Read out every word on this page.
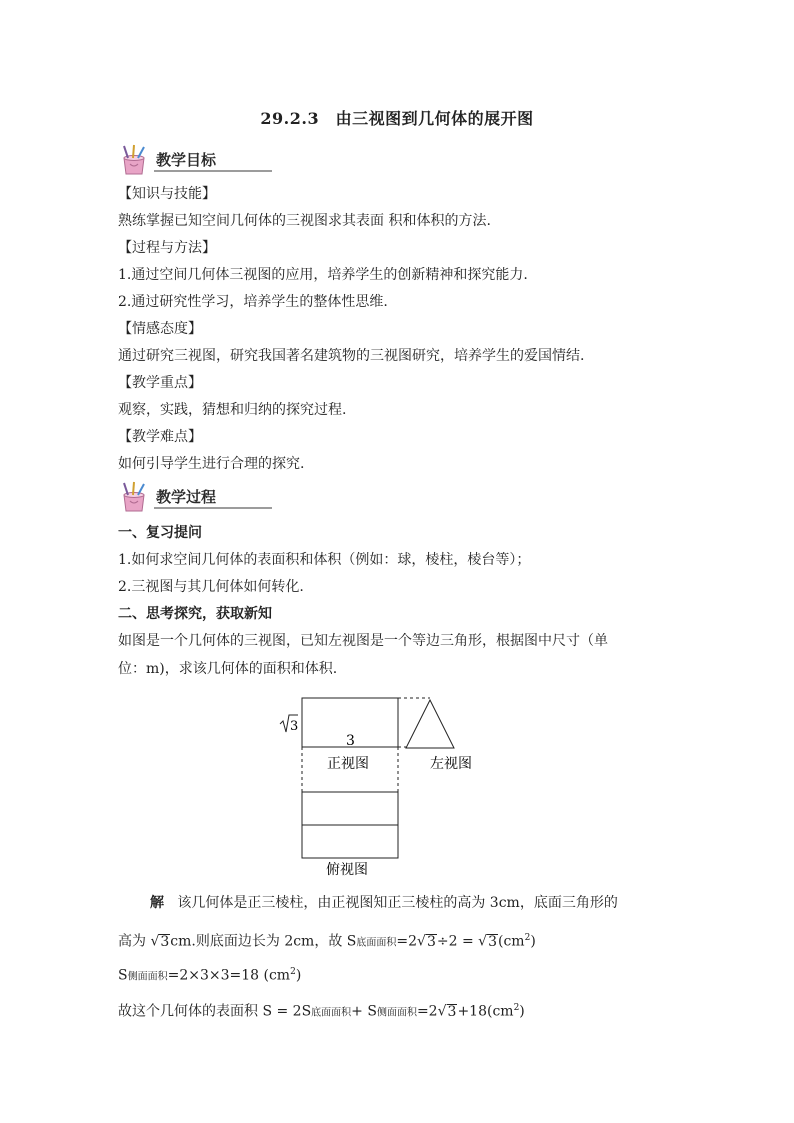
29.2.3　由三视图到几何体的展开图
教学目标
【知识与技能】
熟练掌握已知空间几何体的三视图求其表面 积和体积的方法.
【过程与方法】
1.通过空间几何体三视图的应用，培养学生的创新精神和探究能力.
2.通过研究性学习，培养学生的整体性思维.
【情感态度】
通过研究三视图，研究我国著名建筑物的三视图研究，培养学生的爱国情结.
【教学重点】
观察，实践，猜想和归纳的探究过程.
【教学难点】
如何引导学生进行合理的探究.
教学过程
一、复习提问
1.如何求空间几何体的表面积和体积（例如：球，棱柱，棱台等）；
2.三视图与其几何体如何转化.
二、思考探究，获取新知
如图是一个几何体的三视图，已知左视图是一个等边三角形，根据图中尺寸（单
位：m)，求该几何体的面积和体积.
3
3
正视图	左视图
俯视图
解 该几何体是正三棱柱，由正视图知正三棱柱的高为 3cm，底面三角形的
高为 √3cm.则底面边长为 2cm，故 S底面面积$=2√3\div 2 = √3(cm^2)$
S侧面面积=2×3×3=18 $(cm^2)$
故这个几何体的表面积 S = 2S底面面积+ S侧面面积$=2√3+18(cm^2)$
